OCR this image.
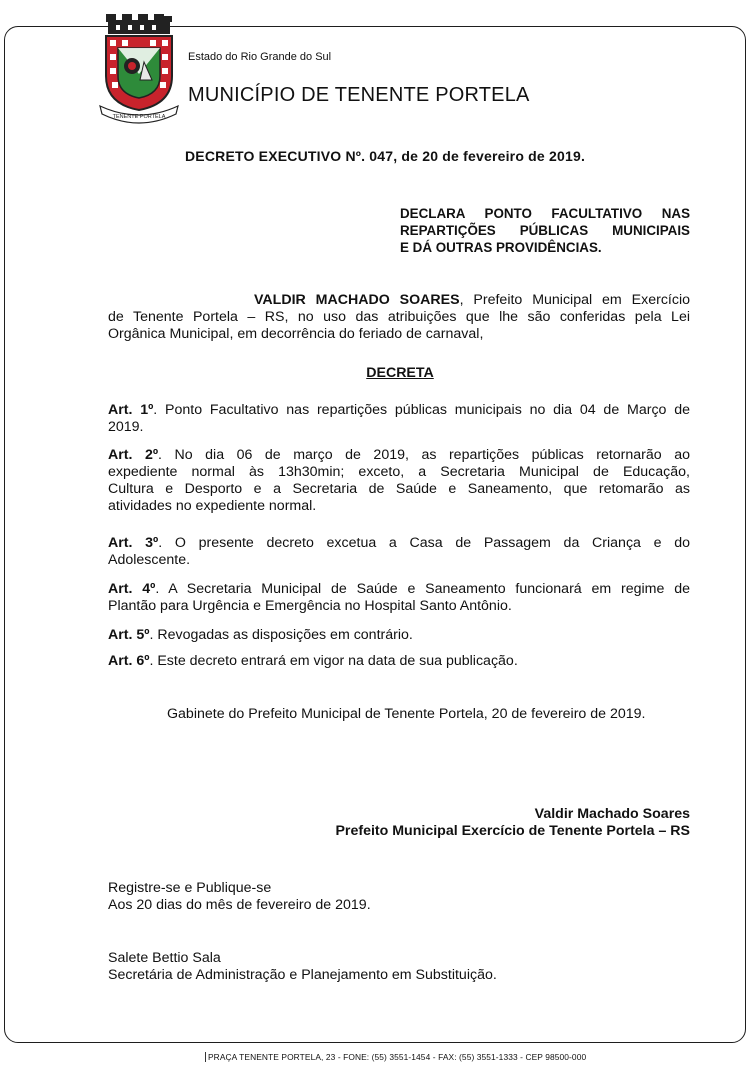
TENENTE PORTELA
Estado do Rio Grande do Sul
MUNICÍPIO DE TENENTE PORTELA
DECRETO EXECUTIVO Nº. 047, de 20 de fevereiro de 2019.
DECLARA PONTO FACULTATIVO NAS
REPARTIÇÕES PÚBLICAS MUNICIPAIS
E DÁ OUTRAS PROVIDÊNCIAS.
VALDIR MACHADO SOARES, Prefeito Municipal em Exercício
de Tenente Portela – RS, no uso das atribuições que lhe são conferidas pela Lei
Orgânica Municipal, em decorrência do feriado de carnaval,
DECRETA
Art. 1º. Ponto Facultativo nas repartições públicas municipais no dia 04 de Março de
2019.
Art. 2º. No dia 06 de março de 2019, as repartições públicas retornarão ao
expediente normal às 13h30min; exceto, a Secretaria Municipal de Educação,
Cultura e Desporto e a Secretaria de Saúde e Saneamento, que retomarão as
atividades no expediente normal.
Art. 3º. O presente decreto excetua a Casa de Passagem da Criança e do
Adolescente.
Art. 4º. A Secretaria Municipal de Saúde e Saneamento funcionará em regime de
Plantão para Urgência e Emergência no Hospital Santo Antônio.
Art. 5º. Revogadas as disposições em contrário.
Art. 6º. Este decreto entrará em vigor na data de sua publicação.
Gabinete do Prefeito Municipal de Tenente Portela, 20 de fevereiro de 2019.
Valdir Machado Soares
Prefeito Municipal Exercício de Tenente Portela – RS
Registre-se e Publique-se
Aos 20 dias do mês de fevereiro de 2019.
Salete Bettio Sala
Secretária de Administração e Planejamento em Substituição.
PRAÇA TENENTE PORTELA, 23 - FONE: (55) 3551-1454 - FAX: (55) 3551-1333 - CEP 98500-000
